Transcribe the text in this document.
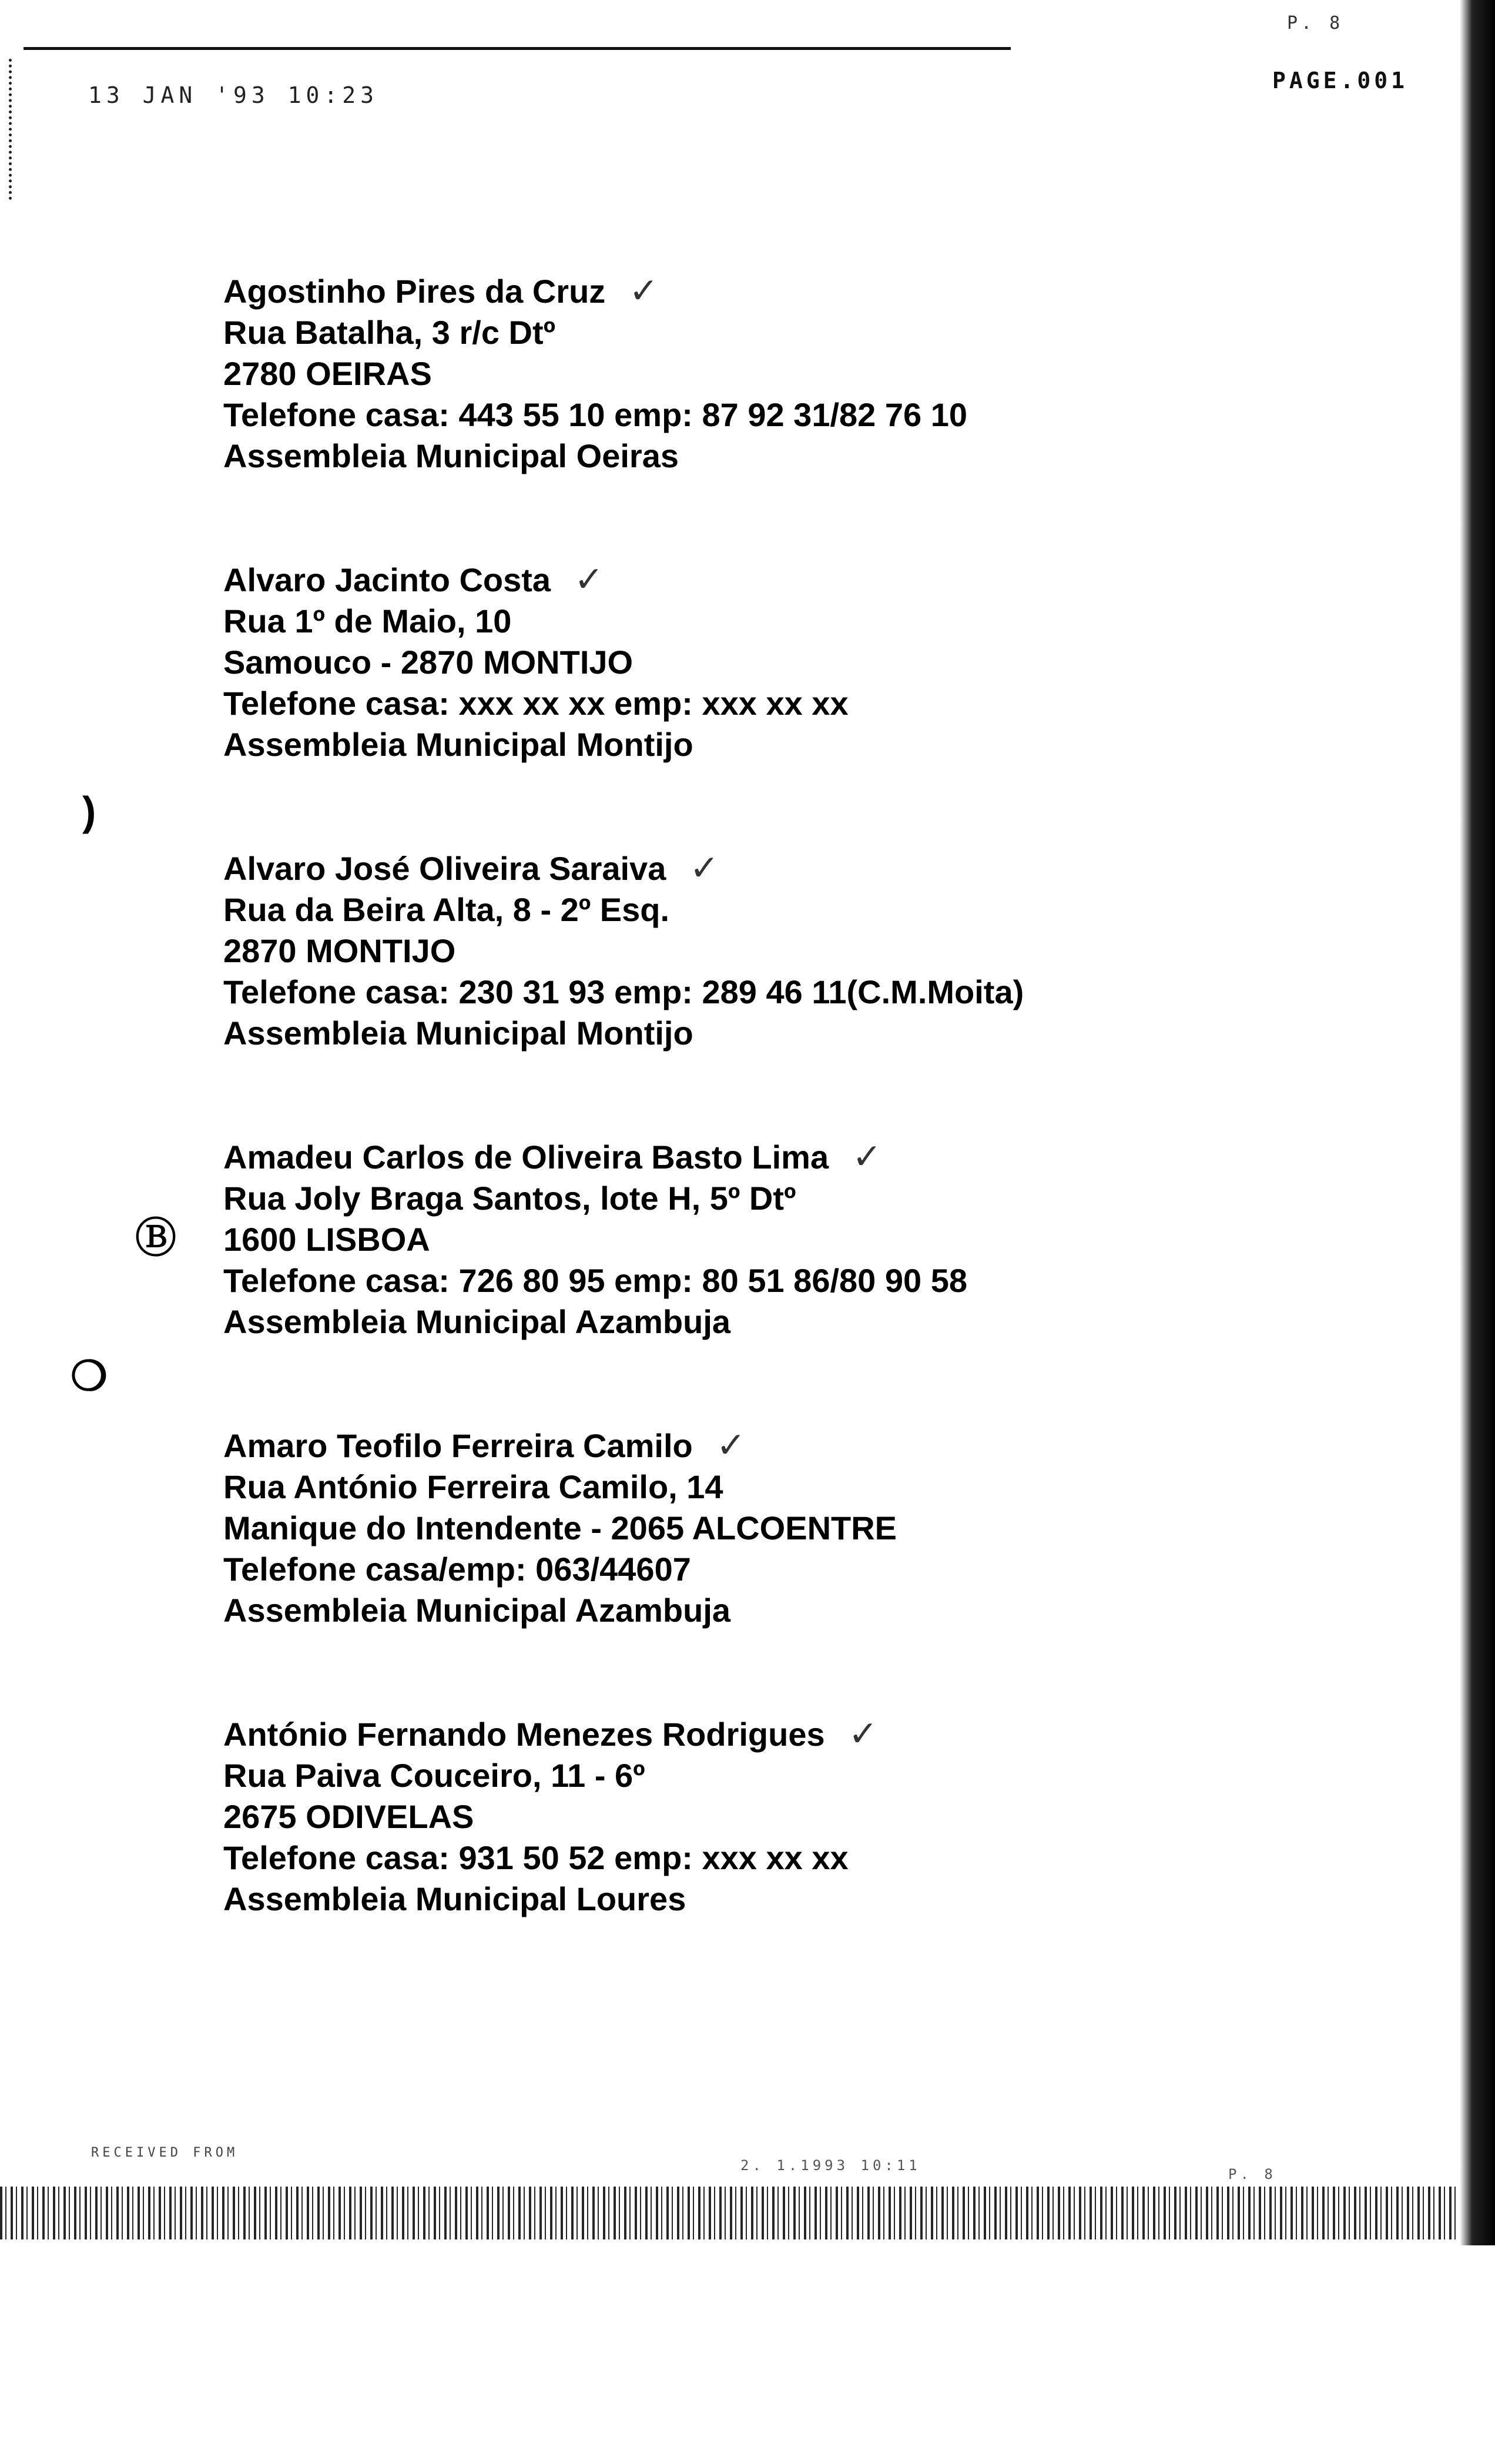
13 JAN '93 10:23
P. 8
PAGE.001
)
Ⓑ
❍
Agostinho Pires da Cruz ✓
Rua Batalha, 3 r/c Dtº
2780 OEIRAS
Telefone casa: 443 55 10 emp: 87 92 31/82 76 10
Assembleia Municipal Oeiras
Alvaro Jacinto Costa ✓
Rua 1º de Maio, 10
Samouco - 2870 MONTIJO
Telefone casa: xxx xx xx emp: xxx xx xx
Assembleia Municipal Montijo
Alvaro José Oliveira Saraiva ✓
Rua da Beira Alta, 8 - 2º Esq.
2870 MONTIJO
Telefone casa: 230 31 93 emp: 289 46 11(C.M.Moita)
Assembleia Municipal Montijo
Amadeu Carlos de Oliveira Basto Lima ✓
Rua Joly Braga Santos, lote H, 5º Dtº
1600 LISBOA
Telefone casa: 726 80 95 emp: 80 51 86/80 90 58
Assembleia Municipal Azambuja
Amaro Teofilo Ferreira Camilo ✓
Rua António Ferreira Camilo, 14
Manique do Intendente - 2065 ALCOENTRE
Telefone casa/emp: 063/44607
Assembleia Municipal Azambuja
António Fernando Menezes Rodrigues ✓
Rua Paiva Couceiro, 11 - 6º
2675 ODIVELAS
Telefone casa: 931 50 52 emp: xxx xx xx
Assembleia Municipal Loures
RECEIVED FROM
2. 1.1993 10:11
P. 8
